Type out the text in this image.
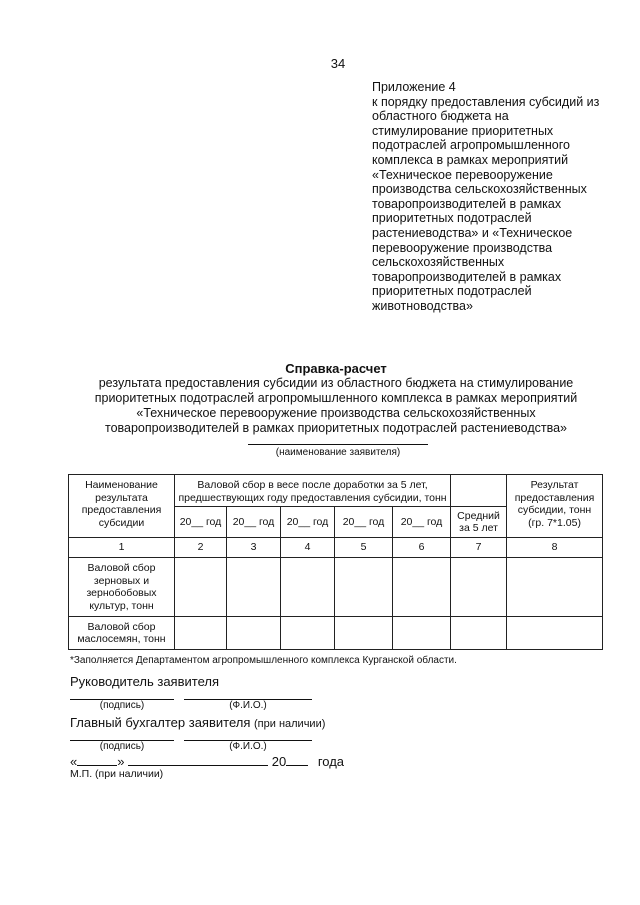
34
Приложение 4
к порядку предоставления субсидий из
областного бюджета на
стимулирование приоритетных
подотраслей агропромышленного
комплекса в рамках мероприятий
«Техническое перевооружение
производства сельскохозяйственных
товаропроизводителей в рамках
приоритетных подотраслей
растениеводства» и «Техническое
перевооружение производства
сельскохозяйственных
товаропроизводителей в рамках
приоритетных подотраслей
животноводства»
Справка-расчет
результата предоставления субсидии из областного бюджета на стимулирование
приоритетных подотраслей агропромышленного комплекса в рамках мероприятий
«Техническое перевооружение производства сельскохозяйственных
товаропроизводителей в рамках приоритетных подотраслей растениеводства»
(наименование заявителя)
Наименование результата предоставления субсидии	Валовой сбор в весе после доработки за 5 лет, предшествующих году предоставления субсидии, тонн						Результат предоставления субсидии, тонн (гр. 7*1.05)
	20__ год	20__ год	20__ год	20__ год	20__ год	Средний за 5 лет	
1	2	3	4	5	6	7	8
Валовой сбор зерновых и зернобобовых культур, тонн							
Валовой сбор маслосемян, тонн							
*Заполняется Департаментом агропромышленного комплекса Курганской области.
Руководитель заявителя
(подпись)	(Ф.И.О.)
Главный бухгалтер заявителя (при наличии)
(подпись)	(Ф.И.О.)
«	»	20 года
М.П. (при наличии)
